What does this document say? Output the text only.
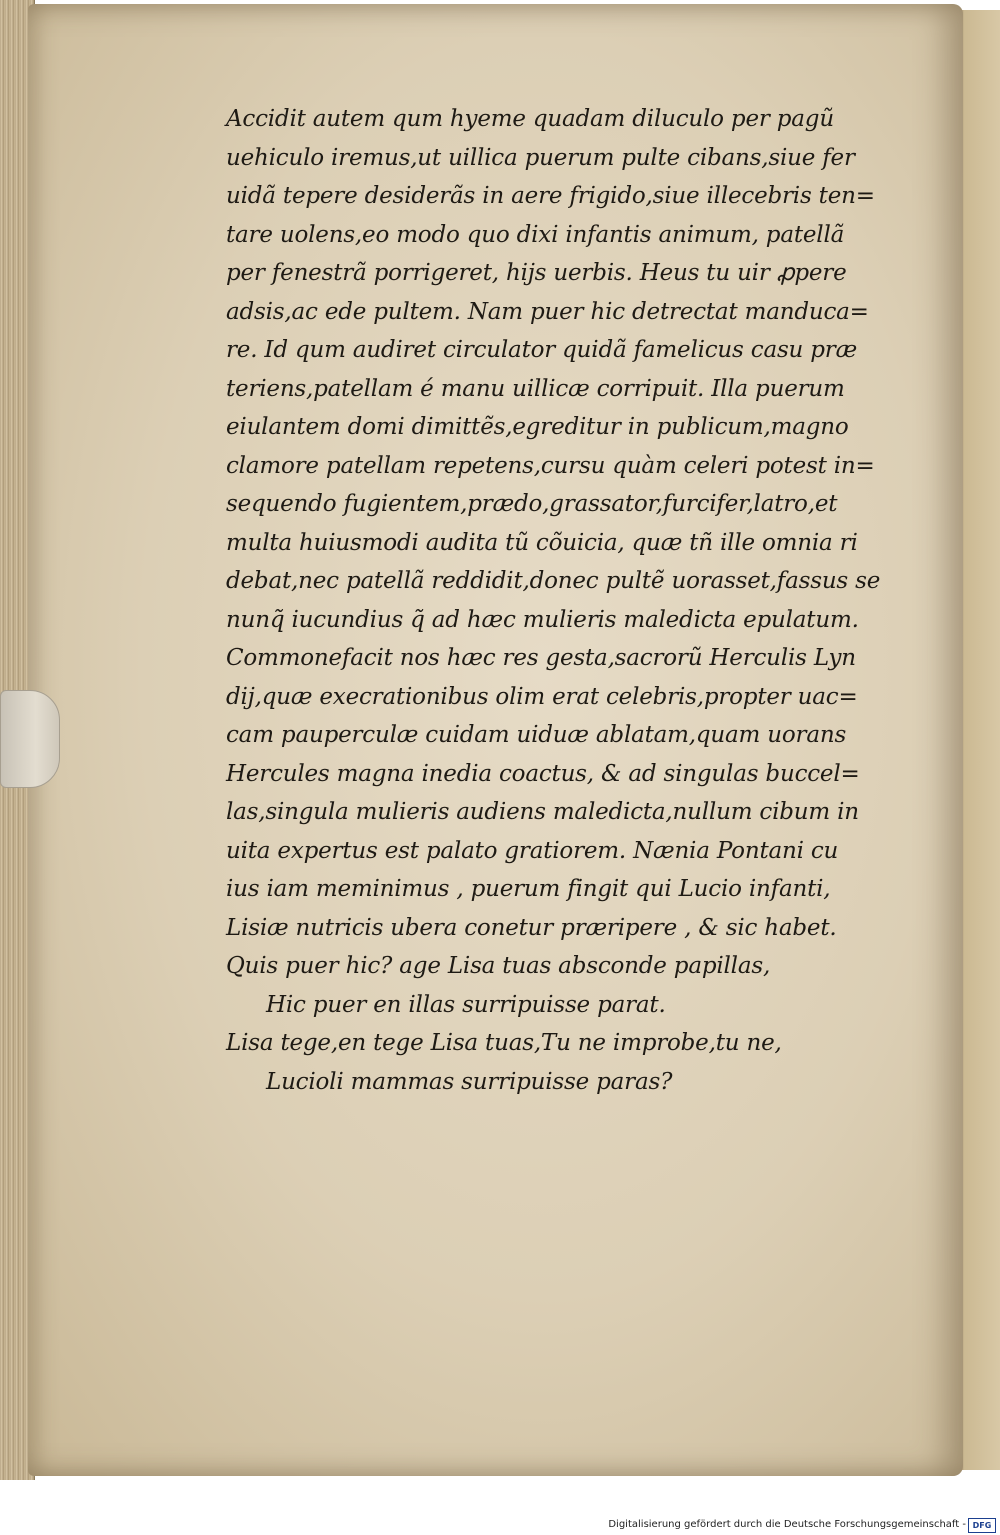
Accidit autem qum hyeme quadam diluculo per pagũ
uehiculo iremus,ut uillica puerum pulte cibans,siue fer
uidã tepere desiderãs in aere frigido,siue illecebris ten=
tare uolens,eo modo quo dixi infantis animum, patellã
per fenestrã porrigeret, hijs uerbis. Heus tu uir ꝓpere
adsis,ac ede pultem. Nam puer hic detrectat manduca=
re. Id qum audiret circulator quidã famelicus casu præ
teriens,patellam é manu uillicæ corripuit. Illa puerum
eiulantem domi dimittẽs,egreditur in publicum,magno
clamore patellam repetens,cursu quàm celeri potest in=
sequendo fugientem,prædo,grassator,furcifer,latro,et
multa huiusmodi audita tũ cõuicia, quæ tñ ille omnia ri
debat,nec patellã reddidit,donec pultẽ uorasset,fassus se
nunq̃ iucundius q̃ ad hæc mulieris maledicta epulatum.
Commonefacit nos hæc res gesta,sacrorũ Herculis Lyn
dij,quæ execrationibus olim erat celebris,propter uac=
cam pauperculæ cuidam uiduæ ablatam,quam uorans
Hercules magna inedia coactus, & ad singulas buccel=
las,singula mulieris audiens maledicta,nullum cibum in
uita expertus est palato gratiorem. Nænia Pontani cu
ius iam meminimus , puerum fingit qui Lucio infanti,
Lisiæ nutricis ubera conetur præripere , & sic habet.
Quis puer hic? age Lisa tuas absconde papillas,
Hic puer en illas surripuisse parat.
Lisa tege,en tege Lisa tuas,Tu ne improbe,tu ne,
Lucioli mammas surripuisse paras?
Digitalisierung gefördert durch die Deutsche Forschungsgemeinschaft - DFG
